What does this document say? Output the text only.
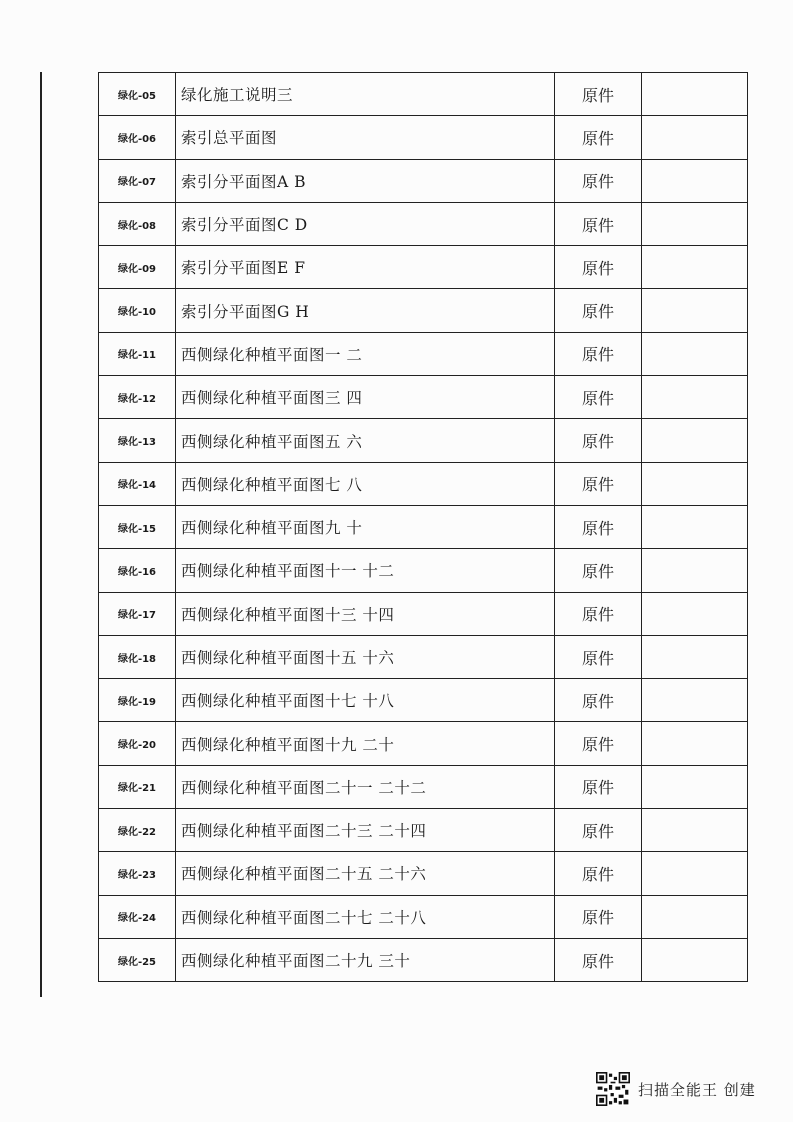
绿化-05	绿化施工说明三	原件	
绿化-06	索引总平面图	原件	
绿化-07	索引分平面图A B	原件	
绿化-08	索引分平面图C D	原件	
绿化-09	索引分平面图E F	原件	
绿化-10	索引分平面图G H	原件	
绿化-11	西侧绿化种植平面图一 二	原件	
绿化-12	西侧绿化种植平面图三 四	原件	
绿化-13	西侧绿化种植平面图五 六	原件	
绿化-14	西侧绿化种植平面图七 八	原件	
绿化-15	西侧绿化种植平面图九 十	原件	
绿化-16	西侧绿化种植平面图十一 十二	原件	
绿化-17	西侧绿化种植平面图十三 十四	原件	
绿化-18	西侧绿化种植平面图十五 十六	原件	
绿化-19	西侧绿化种植平面图十七 十八	原件	
绿化-20	西侧绿化种植平面图十九 二十	原件	
绿化-21	西侧绿化种植平面图二十一 二十二	原件	
绿化-22	西侧绿化种植平面图二十三 二十四	原件	
绿化-23	西侧绿化种植平面图二十五 二十六	原件	
绿化-24	西侧绿化种植平面图二十七 二十八	原件	
绿化-25	西侧绿化种植平面图二十九 三十	原件	
扫描全能王 创建
